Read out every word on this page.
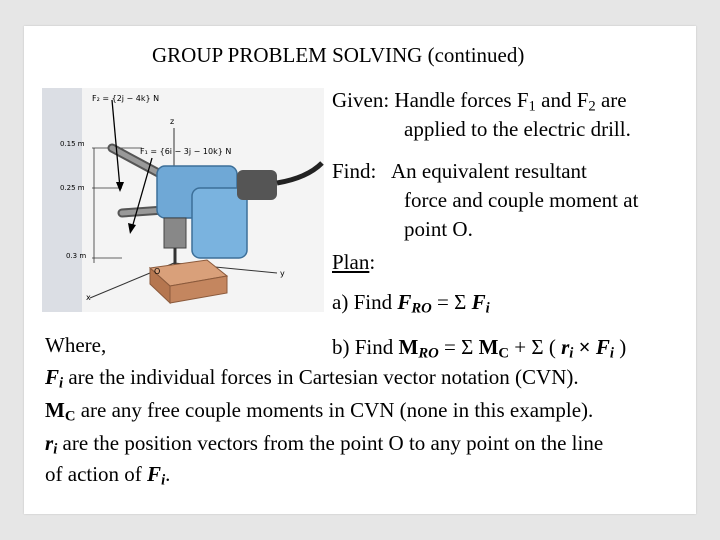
GROUP PROBLEM SOLVING (continued)
F₂ = {2j − 4k} N
F₁ = {6i − 3j − 10k} N
0.15 m
0.25 m
0.3 m
z
x
y
O
Given: Handle forces $F_1$ and $F_2$ are
applied to the electric drill.
Find: An equivalent resultant
force and couple moment at
point O.
Plan:
a) Find $F_{RO} = \Sigma$ $F_i$
Where,	b) Find $M_{RO} = \Sigma$ $M_C + \Sigma$ ( $r_i \times F_i$ )
$F_i$ are the individual forces in Cartesian vector notation (CVN).
$M_C$ are any free couple moments in CVN (none in this example).
$r_i$ are the position vectors from the point O to any point on the line
of action of $F_i$.
